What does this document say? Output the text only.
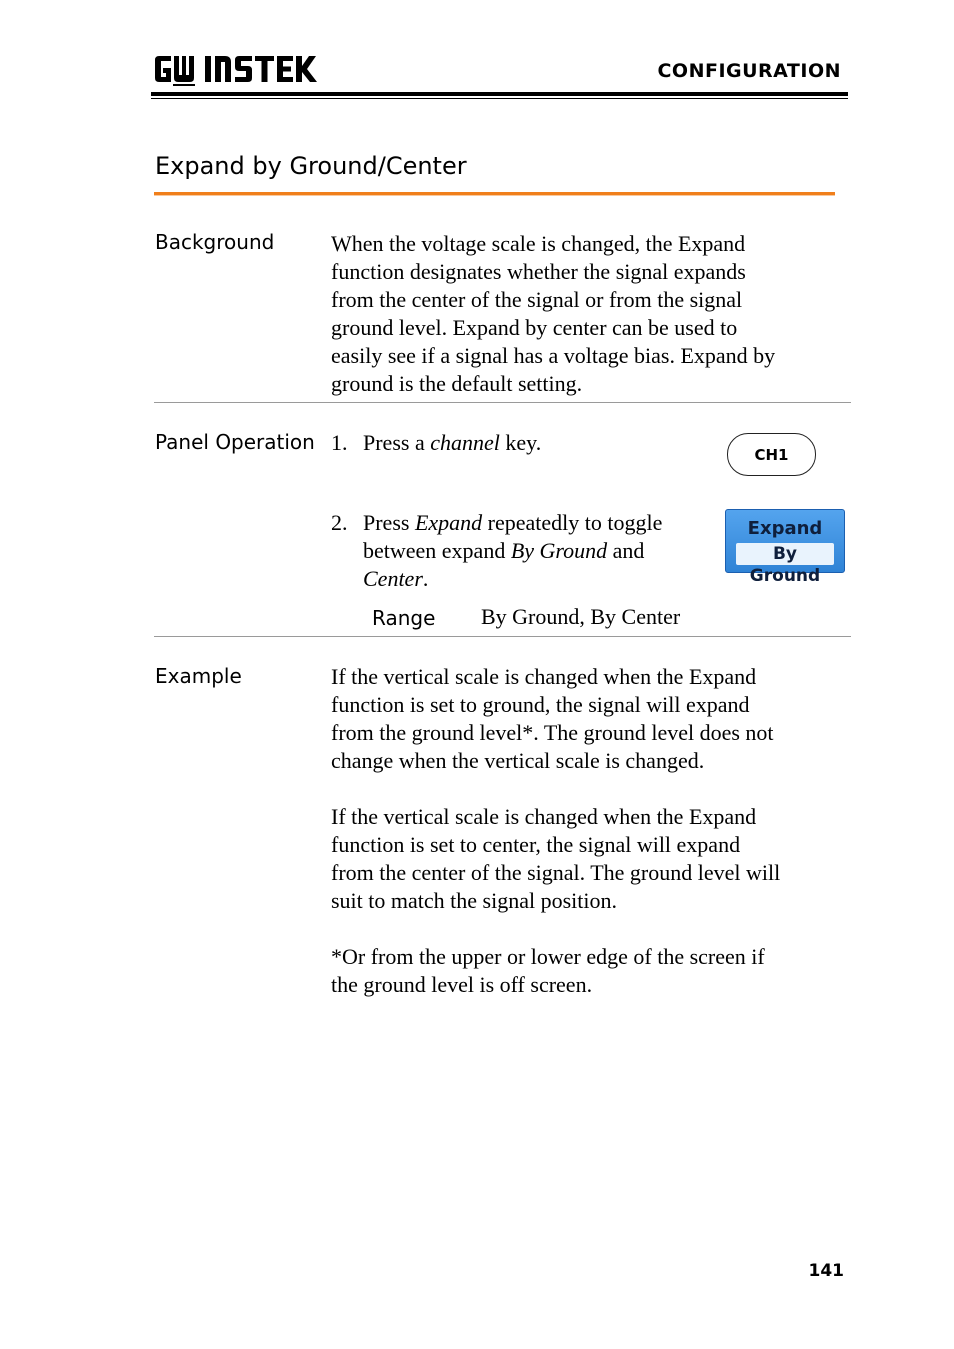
CONFIGURATION
Expand by Ground/Center
Background	When the voltage scale is changed, the Expand
function designates whether the signal expands
from the center of the signal or from the signal
ground level. Expand by center can be used to
easily see if a signal has a voltage bias. Expand by
ground is the default setting.
Panel Operation 1. Press a channel key.	CH1
2. Press Expand repeatedly to toggle
between expand By Ground and
Center.
Expand
By Ground
Range By Ground, By Center
Example	If the vertical scale is changed when the Expand
function is set to ground, the signal will expand
from the ground level*. The ground level does not
change when the vertical scale is changed.
If the vertical scale is changed when the Expand
function is set to center, the signal will expand
from the center of the signal. The ground level will
suit to match the signal position.
*Or from the upper or lower edge of the screen if
the ground level is off screen.
141
